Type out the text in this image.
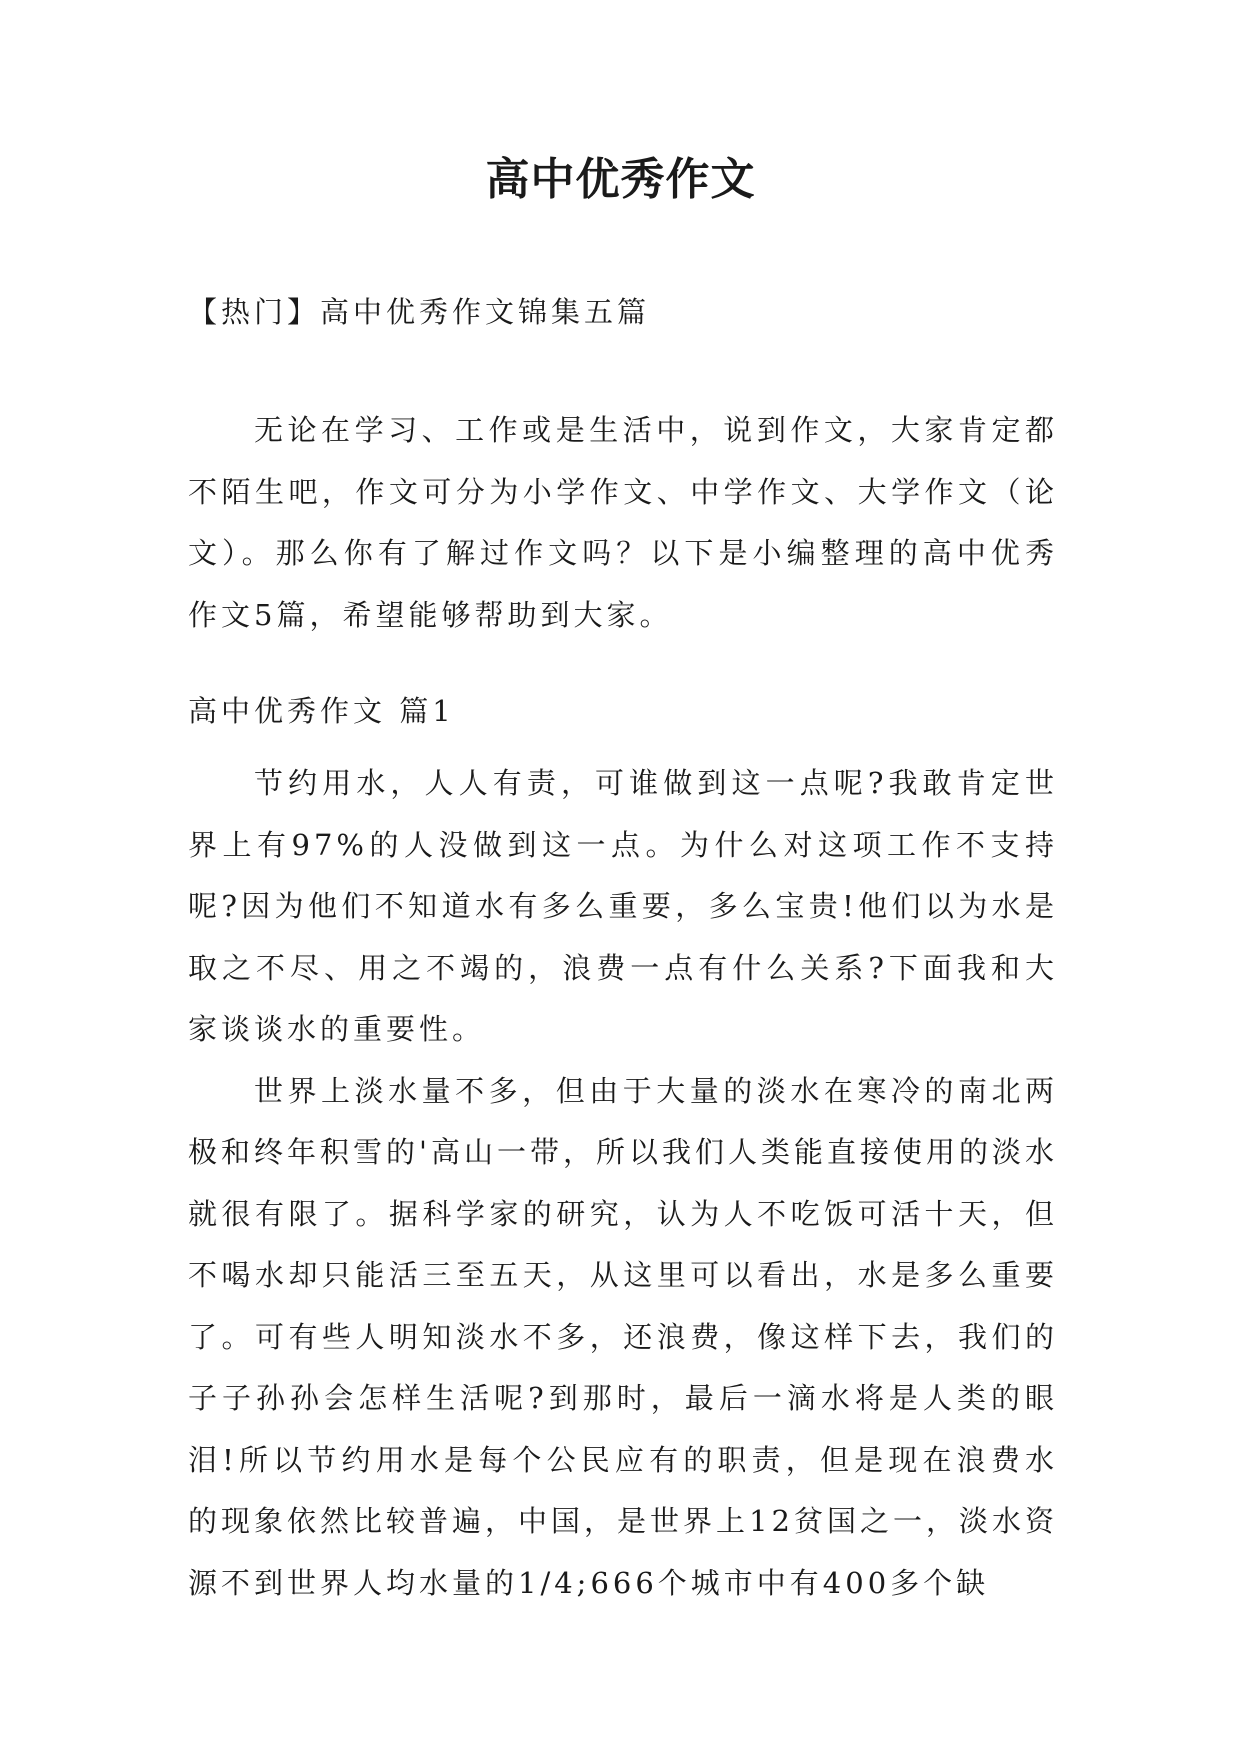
高中优秀作文
【热门】高中优秀作文锦集五篇

无论在学习、工作或是生活中，说到作文，大家肯定都不陌生吧，作文可分为小学作文、中学作文、大学作文（论文）。那么你有了解过作文吗？以下是小编整理的高中优秀作文5篇，希望能够帮助到大家。

高中优秀作文 篇1

节约用水，人人有责，可谁做到这一点呢?我敢肯定世界上有97%的人没做到这一点。为什么对这项工作不支持呢?因为他们不知道水有多么重要，多么宝贵!他们以为水是取之不尽、用之不竭的，浪费一点有什么关系?下面我和大家谈谈水的重要性。

世界上淡水量不多，但由于大量的淡水在寒冷的南北两极和终年积雪的'高山一带，所以我们人类能直接使用的淡水就很有限了。据科学家的研究，认为人不吃饭可活十天，但不喝水却只能活三至五天，从这里可以看出，水是多么重要了。可有些人明知淡水不多，还浪费，像这样下去，我们的子子孙孙会怎样生活呢?到那时，最后一滴水将是人类的眼泪!所以节约用水是每个公民应有的职责，但是现在浪费水的现象依然比较普遍，中国，是世界上12贫国之一，淡水资源不到世界人均水量的1/4;666个城市中有400多个缺
